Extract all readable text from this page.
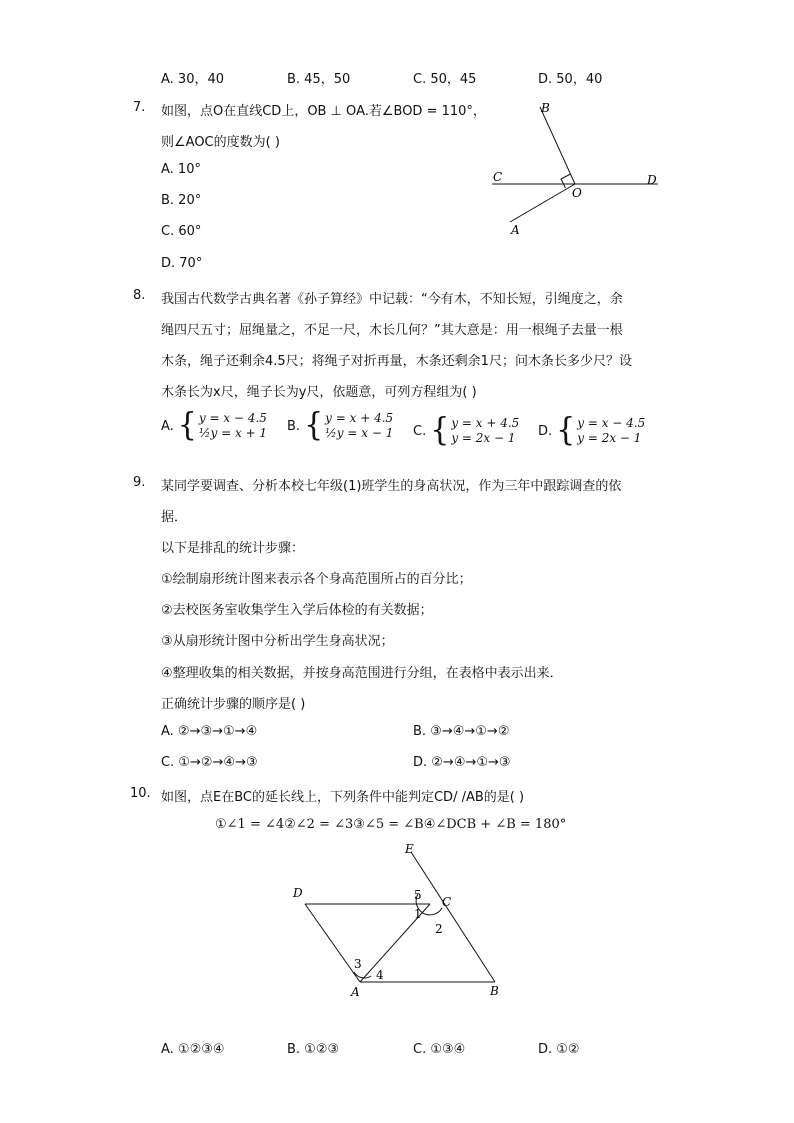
A. 30，40	B. 45，50	C. 50，45	D. 50，40
7. 如图，点O在直线CD上，OB ⊥ OA.若∠BOD = 110°，
则∠AOC的度数为( )
A. 10°
B. 20°
C. 60°
D. 70°
B
C	D
O
A
8. 我国古代数学古典名著《孙子算经》中记载：“今有木，不知长短，引绳度之，余
绳四尺五寸；屈绳量之，不足一尺，木长几何？”其大意是：用一根绳子去量一根
木条，绳子还剩余4.5尺；将绳子对折再量，木条还剩余1尺；问木条长多少尺？设
木条长为x尺，绳子长为y尺，依题意，可列方程组为( )
A. { y = x − 4.5
½y = x + 1 B. { y = x + 4.5
½y = x − 1 C. { y = x + 4.5
y = 2x − 1 D. { y = x − 4.5
y = 2x − 1
9. 某同学要调查、分析本校七年级(1)班学生的身高状况，作为三年中跟踪调查的依
据．
以下是排乱的统计步骤：
①绘制扇形统计图来表示各个身高范围所占的百分比；
②去校医务室收集学生入学后体检的有关数据；
③从扇形统计图中分析出学生身高状况；
④整理收集的相关数据，并按身高范围进行分组，在表格中表示出来．
正确统计步骤的顺序是( )
A. ②→③→①→④	B. ③→④→①→②
C. ①→②→④→③	D. ②→④→①→③
10. 如图，点E在BC的延长线上，下列条件中能判定CD/ /AB的是( )
①∠1 = ∠4②∠2 = ∠3③∠5 = ∠B④∠DCB + ∠B = 180°
E
D
C
A	B
5
1
2
3
4
A. ①②③④	B. ①②③	C. ①③④	D. ①②
